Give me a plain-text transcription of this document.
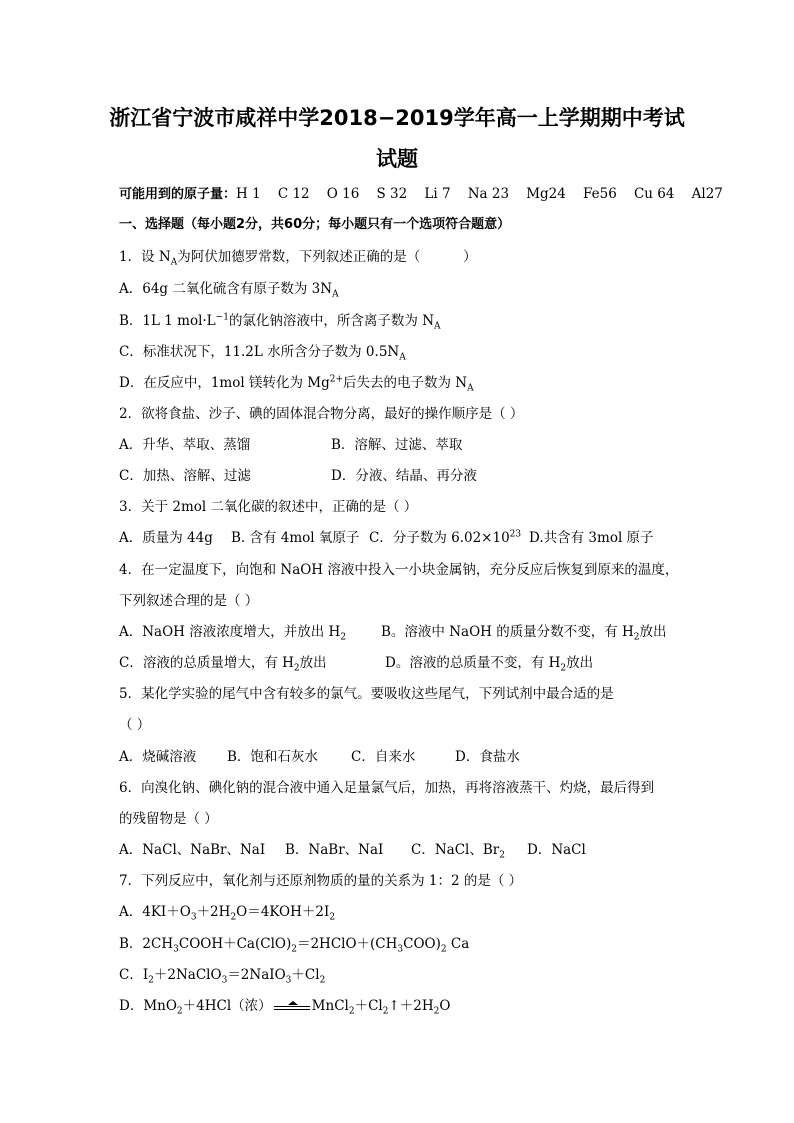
浙江省宁波市咸祥中学2018−2019学年高一上学期期中考试
试题
可能用到的原子量：H 1    C 12    O 16    S 32    Li 7    Na 23    Mg24    Fe56    Cu 64    Al27
一、选择题（每小题2分，共60分；每小题只有一个选项符合题意）
1．设 $N_A$为阿伏加德罗常数，下列叙述正确的是（          ）
A．64g 二氧化硫含有原子数为 $3N_A$
B．1L 1 $mol\cdot L^{-1}$的氯化钠溶液中，所含离子数为 $N_A$
C．标准状况下，11.2L 水所含分子数为 $0.5N_A$
D．在反应中，1mol 镁转化为 $Mg^{2+}$后失去的电子数为 $N_A$
2．欲将食盐、沙子、碘的固体混合物分离，最好的操作顺序是（ ）
A．升华、萃取、蒸馏	B．溶解、过滤、萃取
C．加热、溶解、过滤	D．分液、结晶、再分液
3．关于 2mol 二氧化碳的叙述中，正确的是（ ）
A．质量为 44g B. 含有 4mol 氧原子 C．分子数为 $6.02\times 10^{23}$ D.共含有 3mol 原子
4．在一定温度下，向饱和 NaOH 溶液中投入一小块金属钠，充分反应后恢复到原来的温度，
下列叙述合理的是（ ）
A．NaOH 溶液浓度增大，并放出 $H_2$	B。溶液中 NaOH 的质量分数不变，有 $H_2$放出
C．溶液的总质量增大，有 $H_2$放出	D。溶液的总质量不变，有 $H_2$放出
5．某化学实验的尾气中含有较多的氯气。要吸收这些尾气，下列试剂中最合适的是
（ ）
A．烧碱溶液 B．饱和石灰水 C．自来水	D．食盐水
6．向溴化钠、碘化钠的混合液中通入足量氯气后，加热，再将溶液蒸干、灼烧，最后得到
的残留物是（ ）
A．NaCl、NaBr、NaI B．NaBr、NaI C．NaCl、$Br_2$ D．NaCl
7．下列反应中，氧化剂与还原剂物质的量的关系为 1：2 的是（ ）
A．$4KI+O_3+2H_2O=4KOH+2I_2$
B．$2CH_3COOH+Ca(ClO)_2=2HClO+(CH_3COO)_2$ Ca
C．$I_2+2NaClO_3=2NaIO_3+Cl_2$
D．MnO$_2$＋4HCl（浓）	$MnCl_2+Cl_2↑+2H_2O$
